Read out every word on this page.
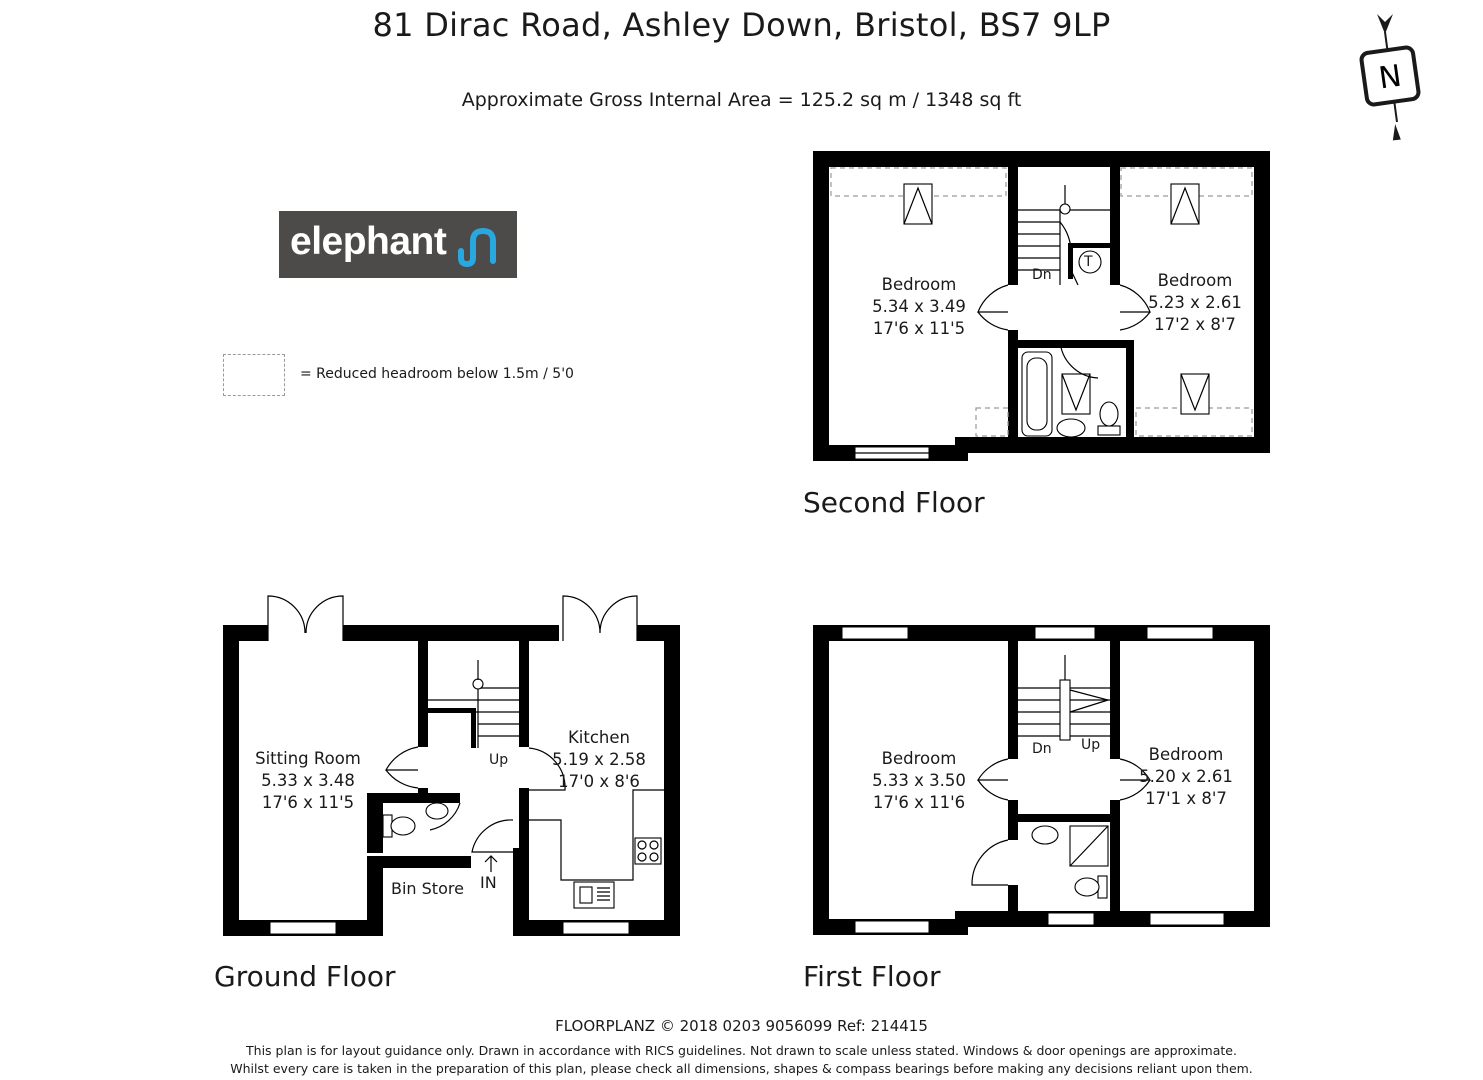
81 Dirac Road, Ashley Down, Bristol, BS7 9LP
Approximate Gross Internal Area = 125.2 sq m / 1348 sq ft
elephant
= Reduced headroom below 1.5m / 5'0
N
Bedroom
5.34 x 3.49
17'6 x 11'5
Bedroom
5.23 x 2.61
17'2 x 8'7
Dn
T
Second Floor
Bedroom
5.33 x 3.50
17'6 x 11'6
Bedroom
5.20 x 2.61
17'1 x 8'7
Dn Up
First Floor
Sitting Room
5.33 x 3.48
17'6 x 11'5
Kitchen
5.19 x 2.58
17'0 x 8'6
Bin Store
Up
IN
Ground Floor
FLOORPLANZ © 2018 0203 9056099 Ref: 214415
This plan is for layout guidance only. Drawn in accordance with RICS guidelines. Not drawn to scale unless stated. Windows & door openings are approximate.
Whilst every care is taken in the preparation of this plan, please check all dimensions, shapes & compass bearings before making any decisions reliant upon them.
